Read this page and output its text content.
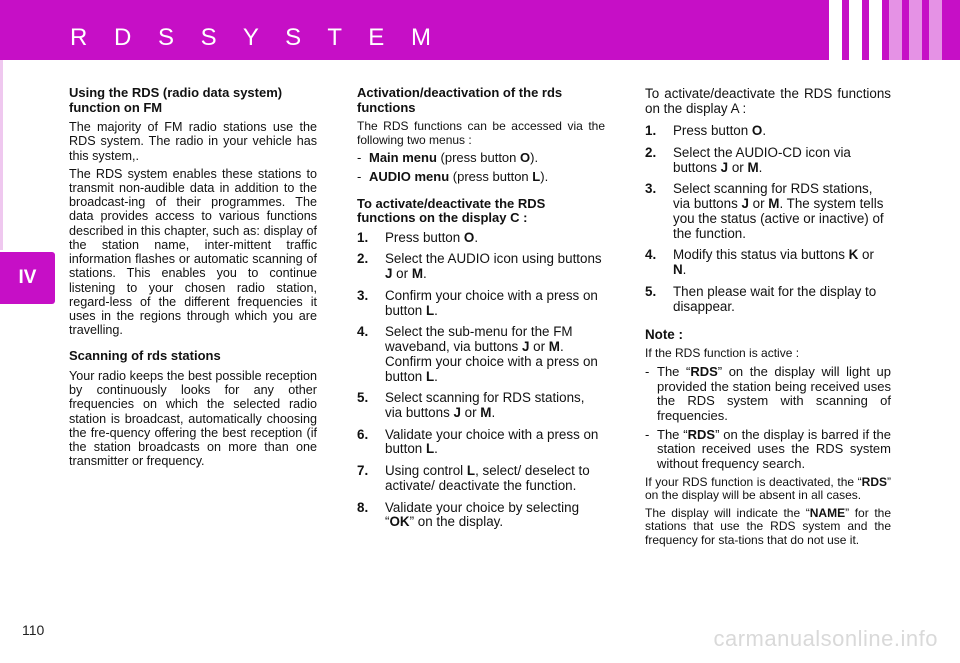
R D S S Y S T E M
IV
Using the RDS (radio data system) function on FM
The majority of FM radio stations use the RDS system. The radio in your vehicle has this system,.
The RDS system enables these stations to transmit non-audible data in addition to the broadcast-ing of their programmes. The data provides access to various functions described in this chapter, such as: display of the station name, inter-mittent traffic information flashes or automatic scanning of stations. This enables you to continue listening to your chosen radio station, regard-less of the different frequencies it uses in the regions through which you are travelling.
Scanning of rds stations
Your radio keeps the best possible reception by continuously looks for any other frequencies on which the selected radio station is broadcast, automatically choosing the fre-quency offering the best reception (if the station broadcasts on more than one transmitter or frequency.
Activation/deactivation of the rds functions
The RDS functions can be accessed via the following two menus :
- Main menu (press button O).
- AUDIO menu (press button L).
To activate/deactivate the RDS functions on the display C :
1.	Press button O.
2.	Select the AUDIO icon using buttons J or M.
3.	Confirm your choice with a press on button L.
4.	Select the sub-menu for the FM waveband, via buttons J or M. Confirm your choice with a press on button L.
5.	Select scanning for RDS stations, via buttons J or M.
6.	Validate your choice with a press on button L.
7.	Using control L, select/ deselect to activate/ deactivate the function.
8.	Validate your choice by selecting “OK” on the display.
To activate/deactivate the RDS functions on the display A :
1.	Press button O.
2.	Select the AUDIO-CD icon via buttons J or M.
3.	Select scanning for RDS stations, via buttons J or M. The system tells you the status (active or inactive) of the function.
4.	Modify this status via buttons K or N.
5.	Then please wait for the display to disappear.
Note :
If the RDS function is active :
- The “RDS” on the display will light up provided the station being received uses the RDS system with scanning of frequencies.
- The “RDS” on the display is barred if the station received uses the RDS system without frequency search.
If your RDS function is deactivated, the “RDS” on the display will be absent in all cases.
The display will indicate the “NAME” for the stations that use the RDS system and the frequency for sta-tions that do not use it.
110	carmanualsonline.info
